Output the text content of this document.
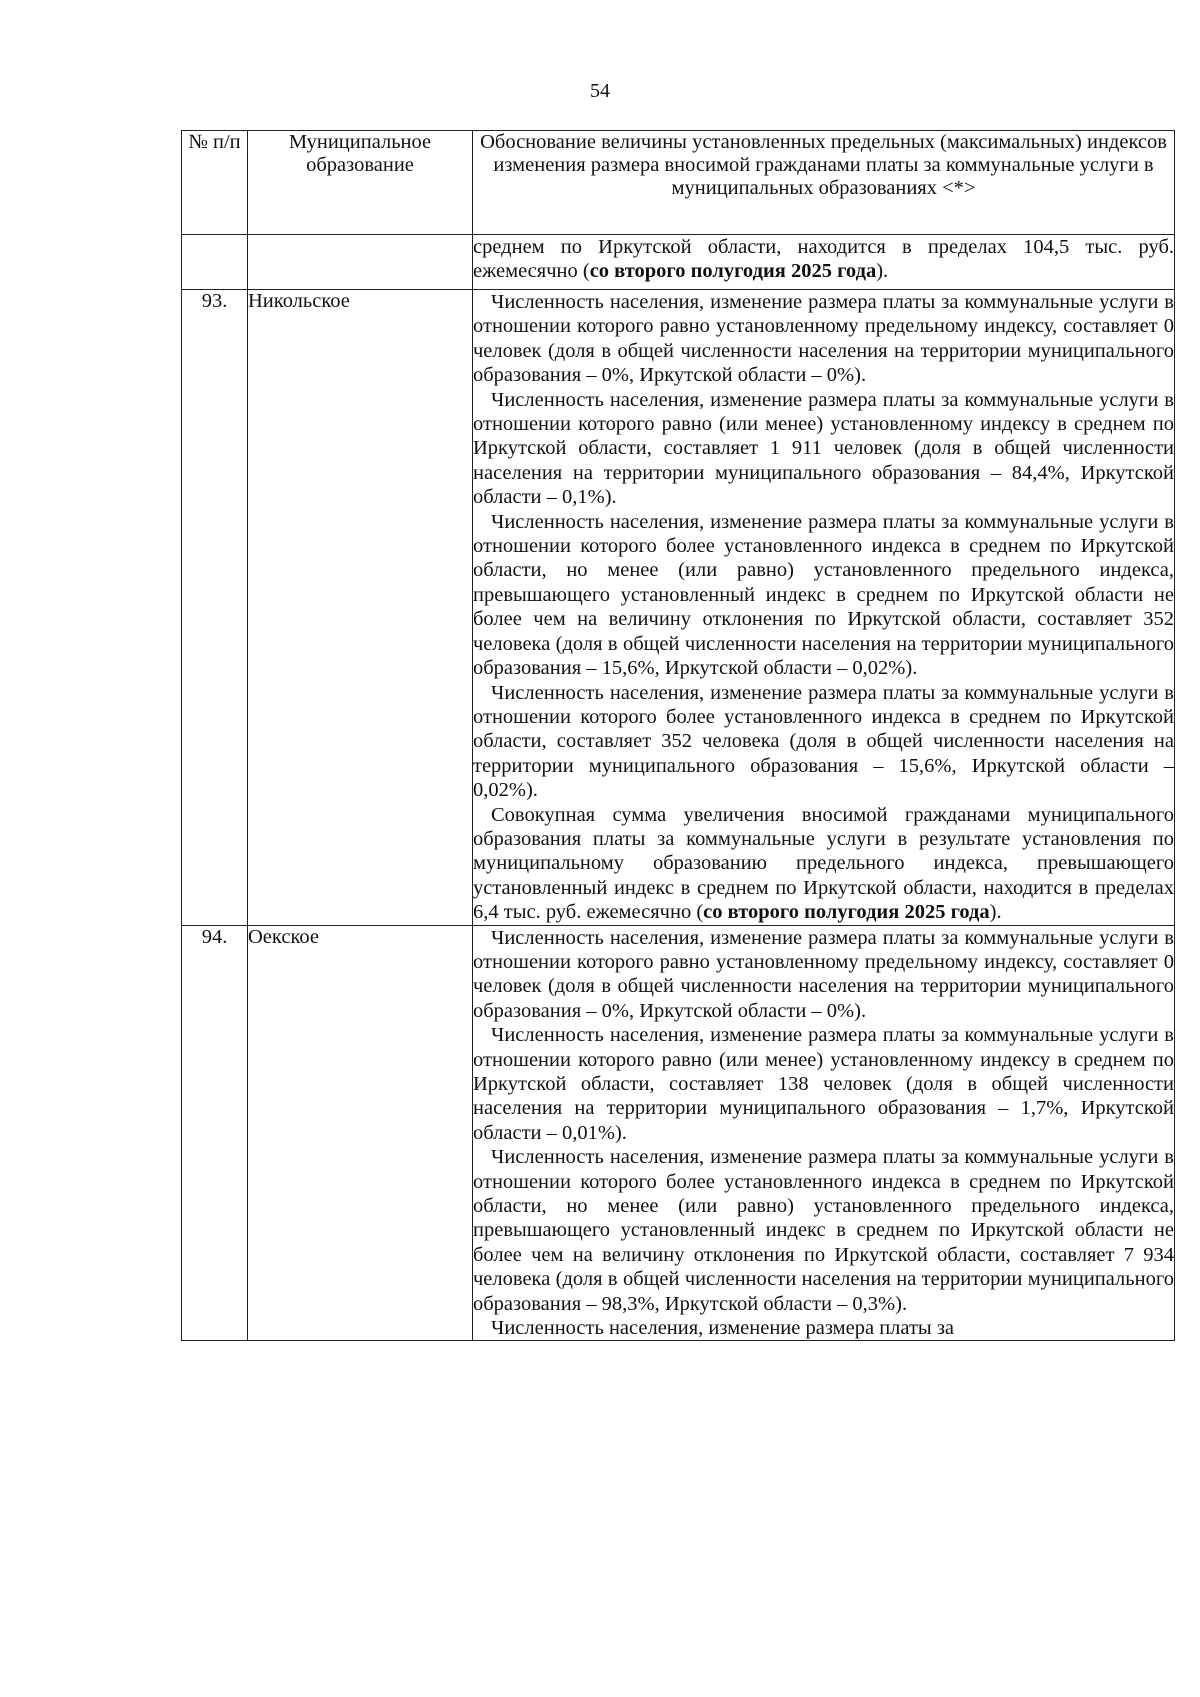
54
№ п/п	Муниципальное образование	Обоснование величины установленных предельных (максимальных) индексов изменения размера вносимой гражданами платы за коммунальные услуги в муниципальных образованиях <*>

		среднем по Иркутской области, находится в пределах 104,5 тыс. руб. ежемесячно (со второго полугодия 2025 года).

93.	Никольское	Численность населения, изменение размера платы за коммунальные услуги в отношении которого равно установленному предельному индексу, составляет 0 человек (доля в общей численности населения на территории муниципального образования – 0%, Иркутской области – 0%).

Численность населения, изменение размера платы за коммунальные услуги в отношении которого равно (или менее) установленному индексу в среднем по Иркутской области, составляет 1 911 человек (доля в общей численности населения на территории муниципального образования – 84,4%, Иркутской области – 0,1%).

Численность населения, изменение размера платы за коммунальные услуги в отношении которого более установленного индекса в среднем по Иркутской области, но менее (или равно) установленного предельного индекса, превышающего установленный индекс в среднем по Иркутской области не более чем на величину отклонения по Иркутской области, составляет 352 человека (доля в общей численности населения на территории муниципального образования – 15,6%, Иркутской области – 0,02%).

Численность населения, изменение размера платы за коммунальные услуги в отношении которого более установленного индекса в среднем по Иркутской области, составляет 352 человека (доля в общей численности населения на территории муниципального образования – 15,6%, Иркутской области – 0,02%).

Совокупная сумма увеличения вносимой гражданами муниципального образования платы за коммунальные услуги в результате установления по муниципальному образованию предельного индекса, превышающего установленный индекс в среднем по Иркутской области, находится в пределах 6,4 тыс. руб. ежемесячно (со второго полугодия 2025 года).

94.	Оекское	Численность населения, изменение размера платы за коммунальные услуги в отношении которого равно установленному предельному индексу, составляет 0 человек (доля в общей численности населения на территории муниципального образования – 0%, Иркутской области – 0%).

Численность населения, изменение размера платы за коммунальные услуги в отношении которого равно (или менее) установленному индексу в среднем по Иркутской области, составляет 138 человек (доля в общей численности населения на территории муниципального образования – 1,7%, Иркутской области – 0,01%).

Численность населения, изменение размера платы за коммунальные услуги в отношении которого более установленного индекса в среднем по Иркутской области, но менее (или равно) установленного предельного индекса, превышающего установленный индекс в среднем по Иркутской области не более чем на величину отклонения по Иркутской области, составляет 7 934 человека (доля в общей численности населения на территории муниципального образования – 98,3%, Иркутской области – 0,3%).

Численность населения, изменение размера платы за
